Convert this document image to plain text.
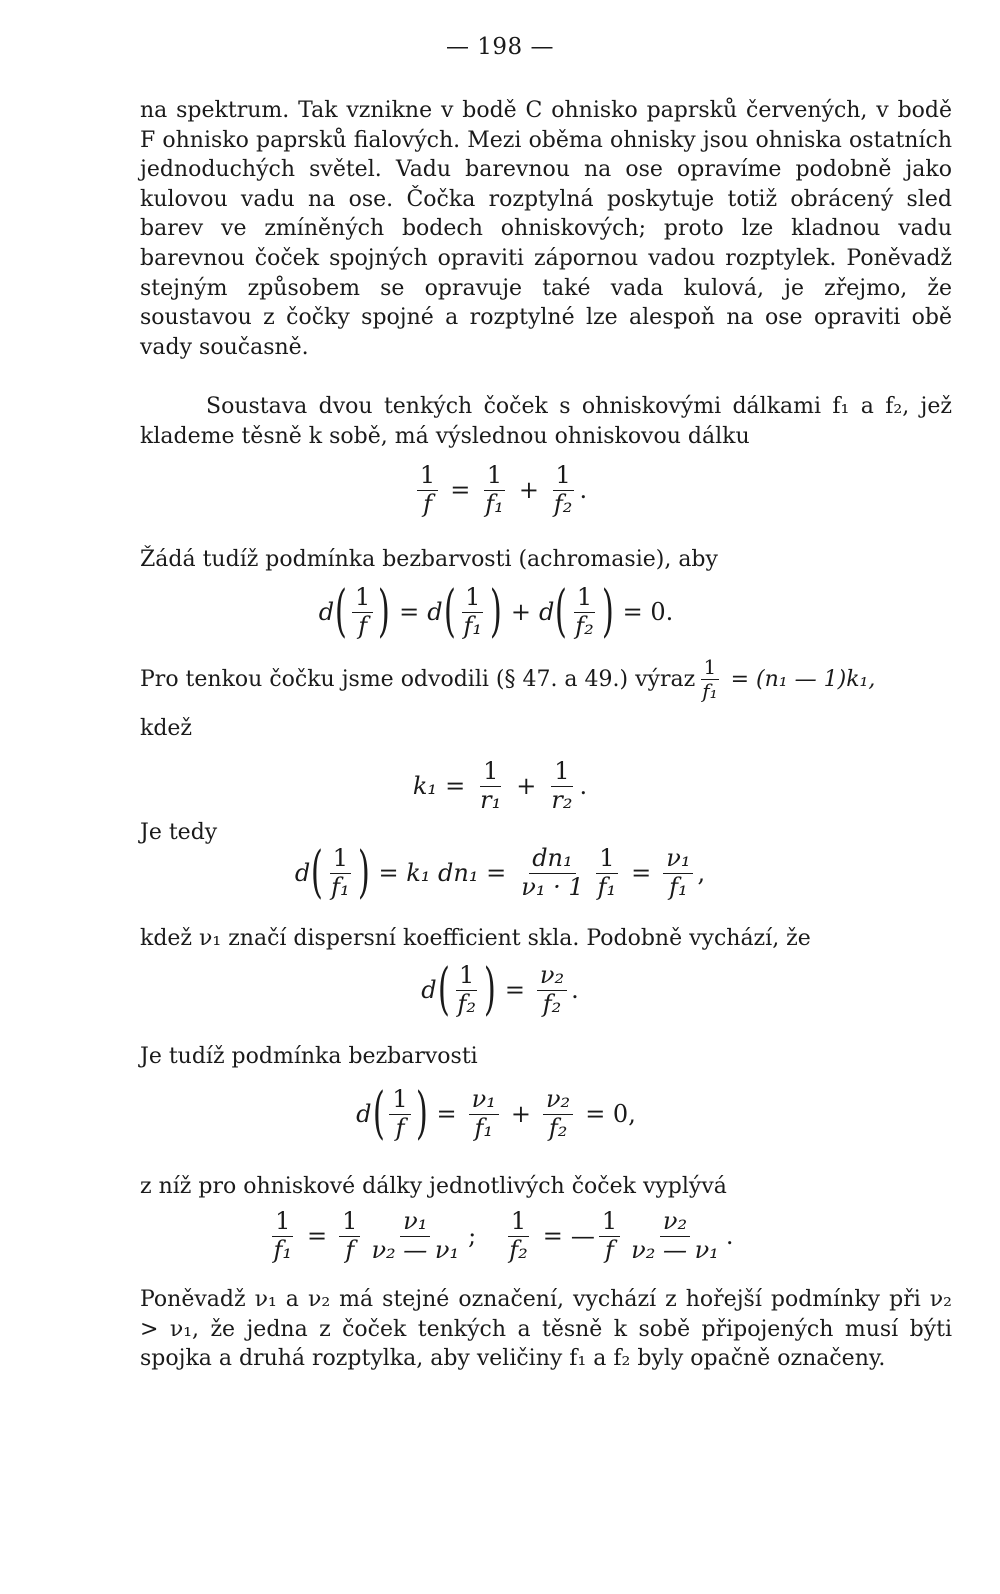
— 198 —
na spektrum. Tak vznikne v bodě C ohnisko paprsků červených, v bodě F ohnisko paprsků fialových. Mezi oběma ohnisky jsou ohniska ostatních jednoduchých světel. Vadu barevnou na ose opravíme podobně jako kulovou vadu na ose. Čočka rozptylná poskytuje totiž obrácený sled barev ve zmíněných bodech ohniskových; proto lze kladnou vadu barevnou čoček spojných opraviti zápornou vadou rozptylek. Poněvadž stejným způsobem se opravuje také vada kulová, je zřejmo, že soustavou z čočky spojné a rozptylné lze alespoň na ose opraviti obě vady současně.
Soustava dvou tenkých čoček s ohniskovými dálkami f₁ a f₂, jež klademe těsně k sobě, má výslednou ohniskovou dálku
$\frac{1}{f} = \frac{1}{\text{f₁}} + \frac{1}{\text{f₂}}$ .
Žádá tudíž podmínka bezbarvosti (achromasie), aby
d ( $\frac{1}{f}$ ) = d ( $\frac{1}{\text{f₁}}$ ) + d ( $\frac{1}{\text{f₂}}$ ) = 0.
Pro tenkou čočku jsme odvodili (§ 47. a 49.) výraz $\frac{1}{\text{f₁}} = (n_1$ — 1)k₁,
kdež
$k_1 = \frac{1}{\text{r₁}} + \frac{1}{\text{r₂}}$ .
Je tedy
d ( $\frac{1}{\text{f₁}}$ ) = k₁ $dn_1 = \frac{\text{dn₁}}{\text{ν₁ · 1}} \frac{1}{\text{f₁}} = \frac{\text{ν₁}}{\text{f₁}}$ ,
kdež ν₁ značí dispersní koefficient skla. Podobně vychází, že
d ( $\frac{1}{\text{f₂}}$ ) = $\frac{\text{ν₂}}{\text{f₂}}$ .
Je tudíž podmínka bezbarvosti
d ( $\frac{1}{f}$ ) = $\frac{\text{ν₁}}{\text{f₁}} + \frac{\text{ν₂}}{\text{f₂}} = 0$,
z níž pro ohniskové dálky jednotlivých čoček vyplývá
$\frac{1}{\text{f₁}} = \frac{1}{f} \frac{\text{ν₁}}{\text{ν₂ — ν₁}}$ ; $\frac{1}{\text{f₂}}$ = — $\frac{1}{f} \frac{\text{ν₂}}{\text{ν₂ — ν₁}}$ .
Poněvadž ν₁ a ν₂ má stejné označení, vychází z hořejší podmínky při ν₂ > ν₁, že jedna z čoček tenkých a těsně k sobě připojených musí býti spojka a druhá rozptylka, aby veličiny f₁ a f₂ byly opačně označeny.
